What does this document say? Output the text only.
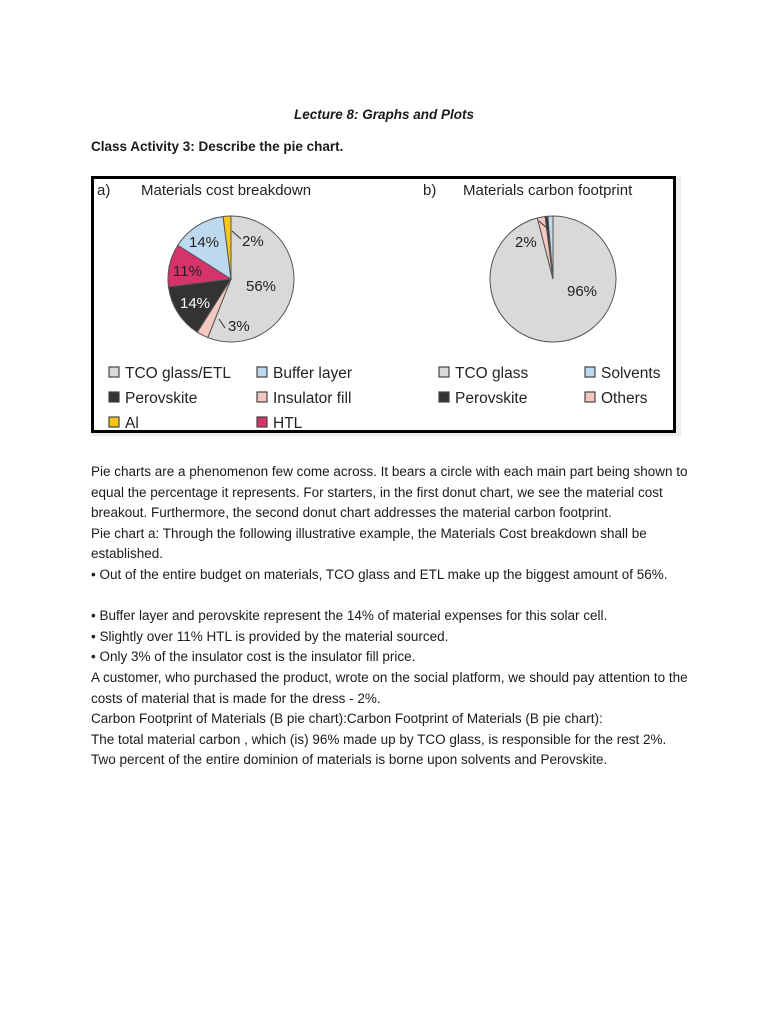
Lecture 8: Graphs and Plots
Class Activity 3: Describe the pie chart.
a) Materials cost breakdown
2%
14%
11%
14%
56%
3%
TCO glass/ETL	Buffer layer
Perovskite	Insulator fill
Al	HTL
b) Materials carbon footprint
2%
96%
TCO glass	Solvents
Perovskite	Others

Pie charts are a phenomenon few come across. It bears a circle with each main part being shown to equal the percentage it represents. For starters, in the first donut chart, we see the material cost breakout. Furthermore, the second donut chart addresses the material carbon footprint.

Pie chart a: Through the following illustrative example, the Materials Cost breakdown shall be established.

• Out of the entire budget on materials, TCO glass and ETL make up the biggest amount of 56%.

• Buffer layer and perovskite represent the 14% of material expenses for this solar cell.

• Slightly over 11% HTL is provided by the material sourced.

• Only 3% of the insulator cost is the insulator fill price.

A customer, who purchased the product, wrote on the social platform, we should pay attention to the costs of material that is made for the dress - 2%.

Carbon Footprint of Materials (B pie chart):Carbon Footprint of Materials (B pie chart):

The total material carbon , which (is) 96% made up by TCO glass, is responsible for the rest 2%.

Two percent of the entire dominion of materials is borne upon solvents and Perovskite.
